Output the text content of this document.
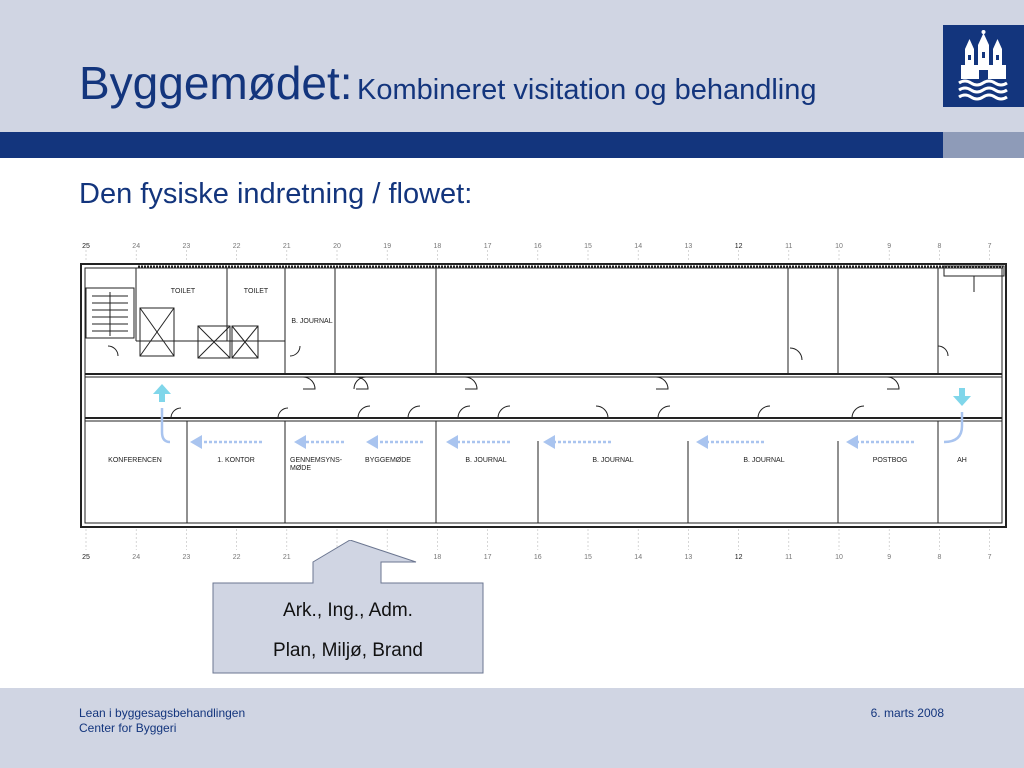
Byggemødet: Kombineret visitation og behandling
Den fysiske indretning / flowet:
25	24	23	22	21	20	19	18	17	16	15	14	13	12	11	10	9	8	7
25	24	23	22	21	18	17	16	15	14	13	12	11	10	9	8	7
TOILET	TOILET
B. JOURNAL
KONFERENCEN	1. KONTOR	GENNEMSYNS-
MØDE
BYGGEMØDE	B. JOURNAL	B. JOURNAL	B. JOURNAL	POSTBOG	AH
Ark., Ing., Adm.
Plan, Miljø, Brand
Lean i byggesagsbehandlingen
Center for Byggeri
6. marts 2008
